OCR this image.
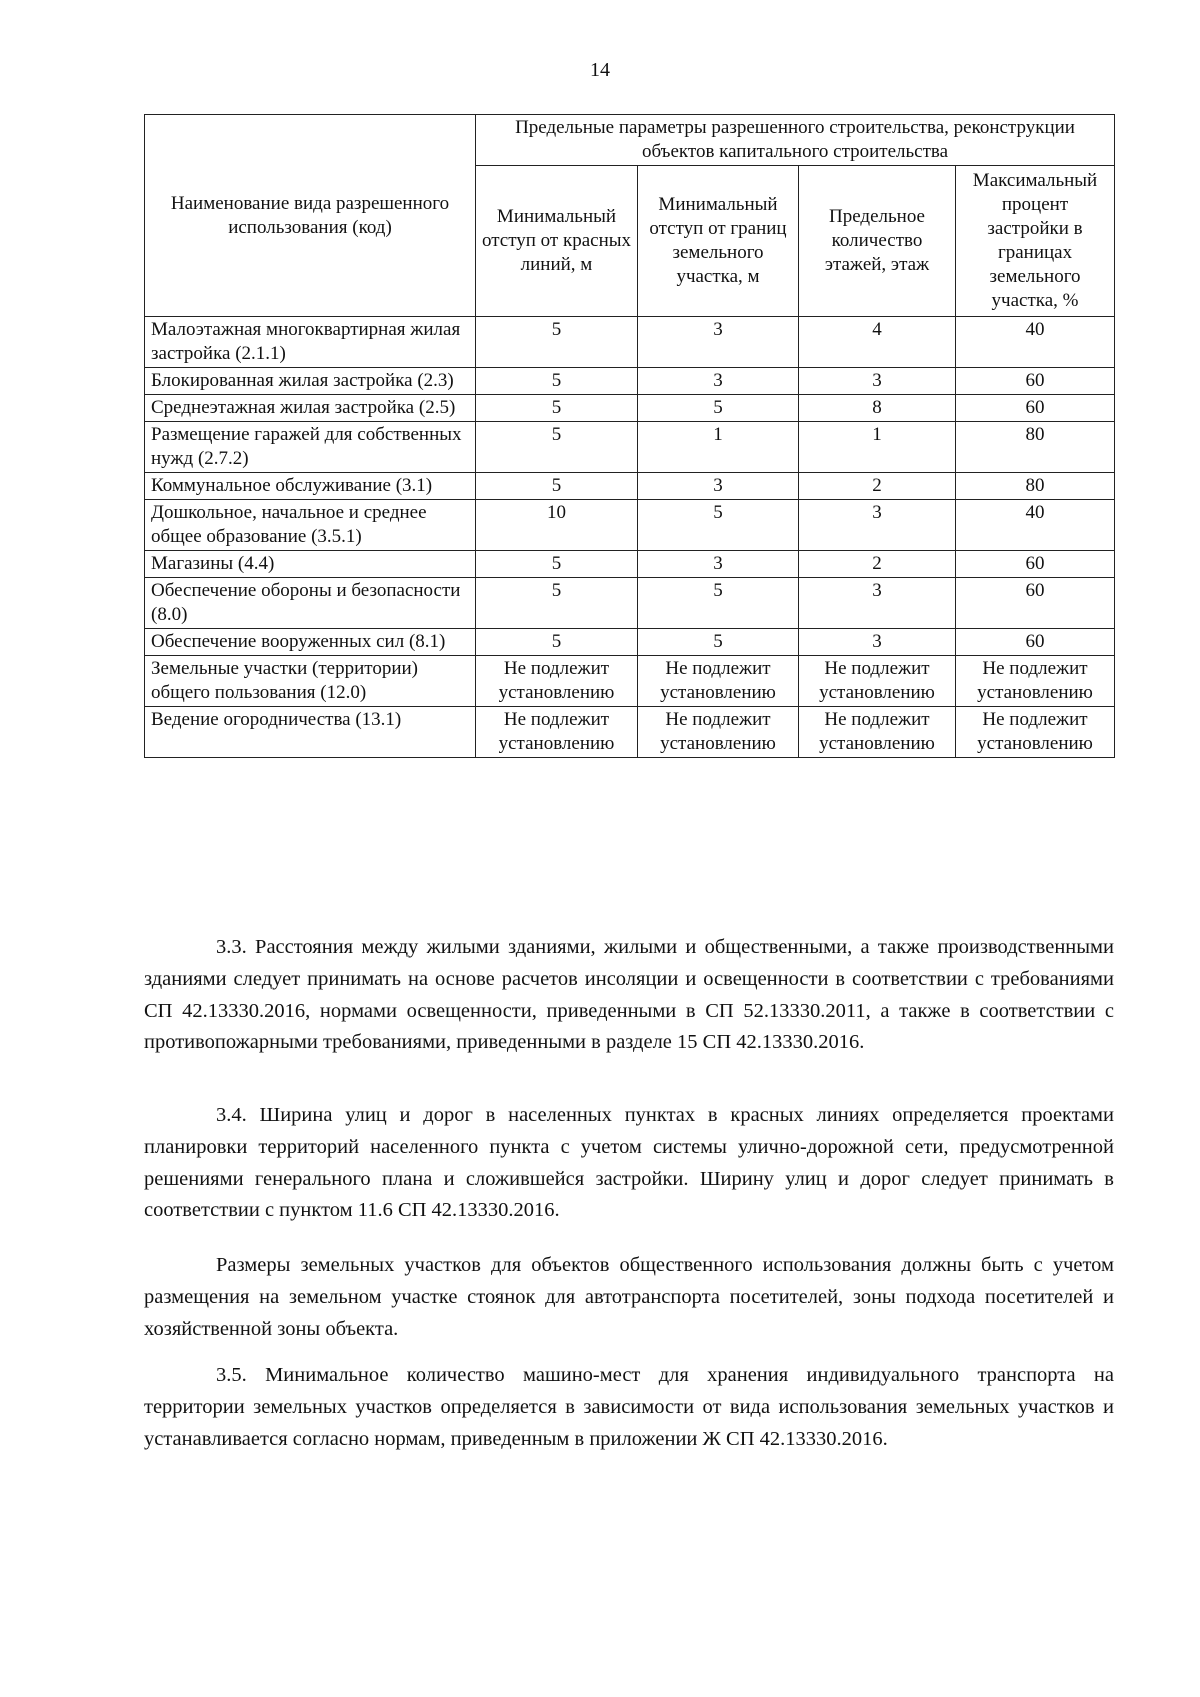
14
Наименование вида разрешенного использования (код)	Предельные параметры разрешенного строительства, реконструкции объектов капитального строительства			
	Минимальный отступ от красных линий, м	Минимальный отступ от границ земельного участка, м	Предельное количество этажей, этаж	Максимальный процент застройки в границах земельного участка, %
Малоэтажная многоквартирная жилая застройка (2.1.1)	5	3	4	40
Блокированная жилая застройка (2.3)	5	3	3	60
Среднеэтажная жилая застройка (2.5)	5	5	8	60
Размещение гаражей для собственных нужд (2.7.2)	5	1	1	80
Коммунальное обслуживание (3.1)	5	3	2	80
Дошкольное, начальное и среднее общее образование (3.5.1)	10	5	3	40
Магазины (4.4)	5	3	2	60
Обеспечение обороны и безопасности (8.0)	5	5	3	60
Обеспечение вооруженных сил (8.1)	5	5	3	60
Земельные участки (территории) общего пользования (12.0)	Не подлежит установлению	Не подлежит установлению	Не подлежит установлению	Не подлежит установлению
Ведение огородничества (13.1)	Не подлежит установлению	Не подлежит установлению	Не подлежит установлению	Не подлежит установлению

3.3. Расстояния между жилыми зданиями, жилыми и общественными, а также производственными зданиями следует принимать на основе расчетов инсоляции и освещенности в соответствии с требованиями СП 42.13330.2016, нормами освещенности, приведенными в СП 52.13330.2011, а также в соответствии с противопожарными требованиями, приведенными в разделе 15 СП 42.13330.2016.

3.4. Ширина улиц и дорог в населенных пунктах в красных линиях определяется проектами планировки территорий населенного пункта с учетом системы улично-дорожной сети, предусмотренной решениями генерального плана и сложившейся застройки. Ширину улиц и дорог следует принимать в соответствии с пунктом 11.6 СП 42.13330.2016.

Размеры земельных участков для объектов общественного использования должны быть с учетом размещения на земельном участке стоянок для автотранспорта посетителей, зоны подхода посетителей и хозяйственной зоны объекта.

3.5. Минимальное количество машино-мест для хранения индивидуального транспорта на территории земельных участков определяется в зависимости от вида использования земельных участков и устанавливается согласно нормам, приведенным в приложении Ж СП 42.13330.2016.
